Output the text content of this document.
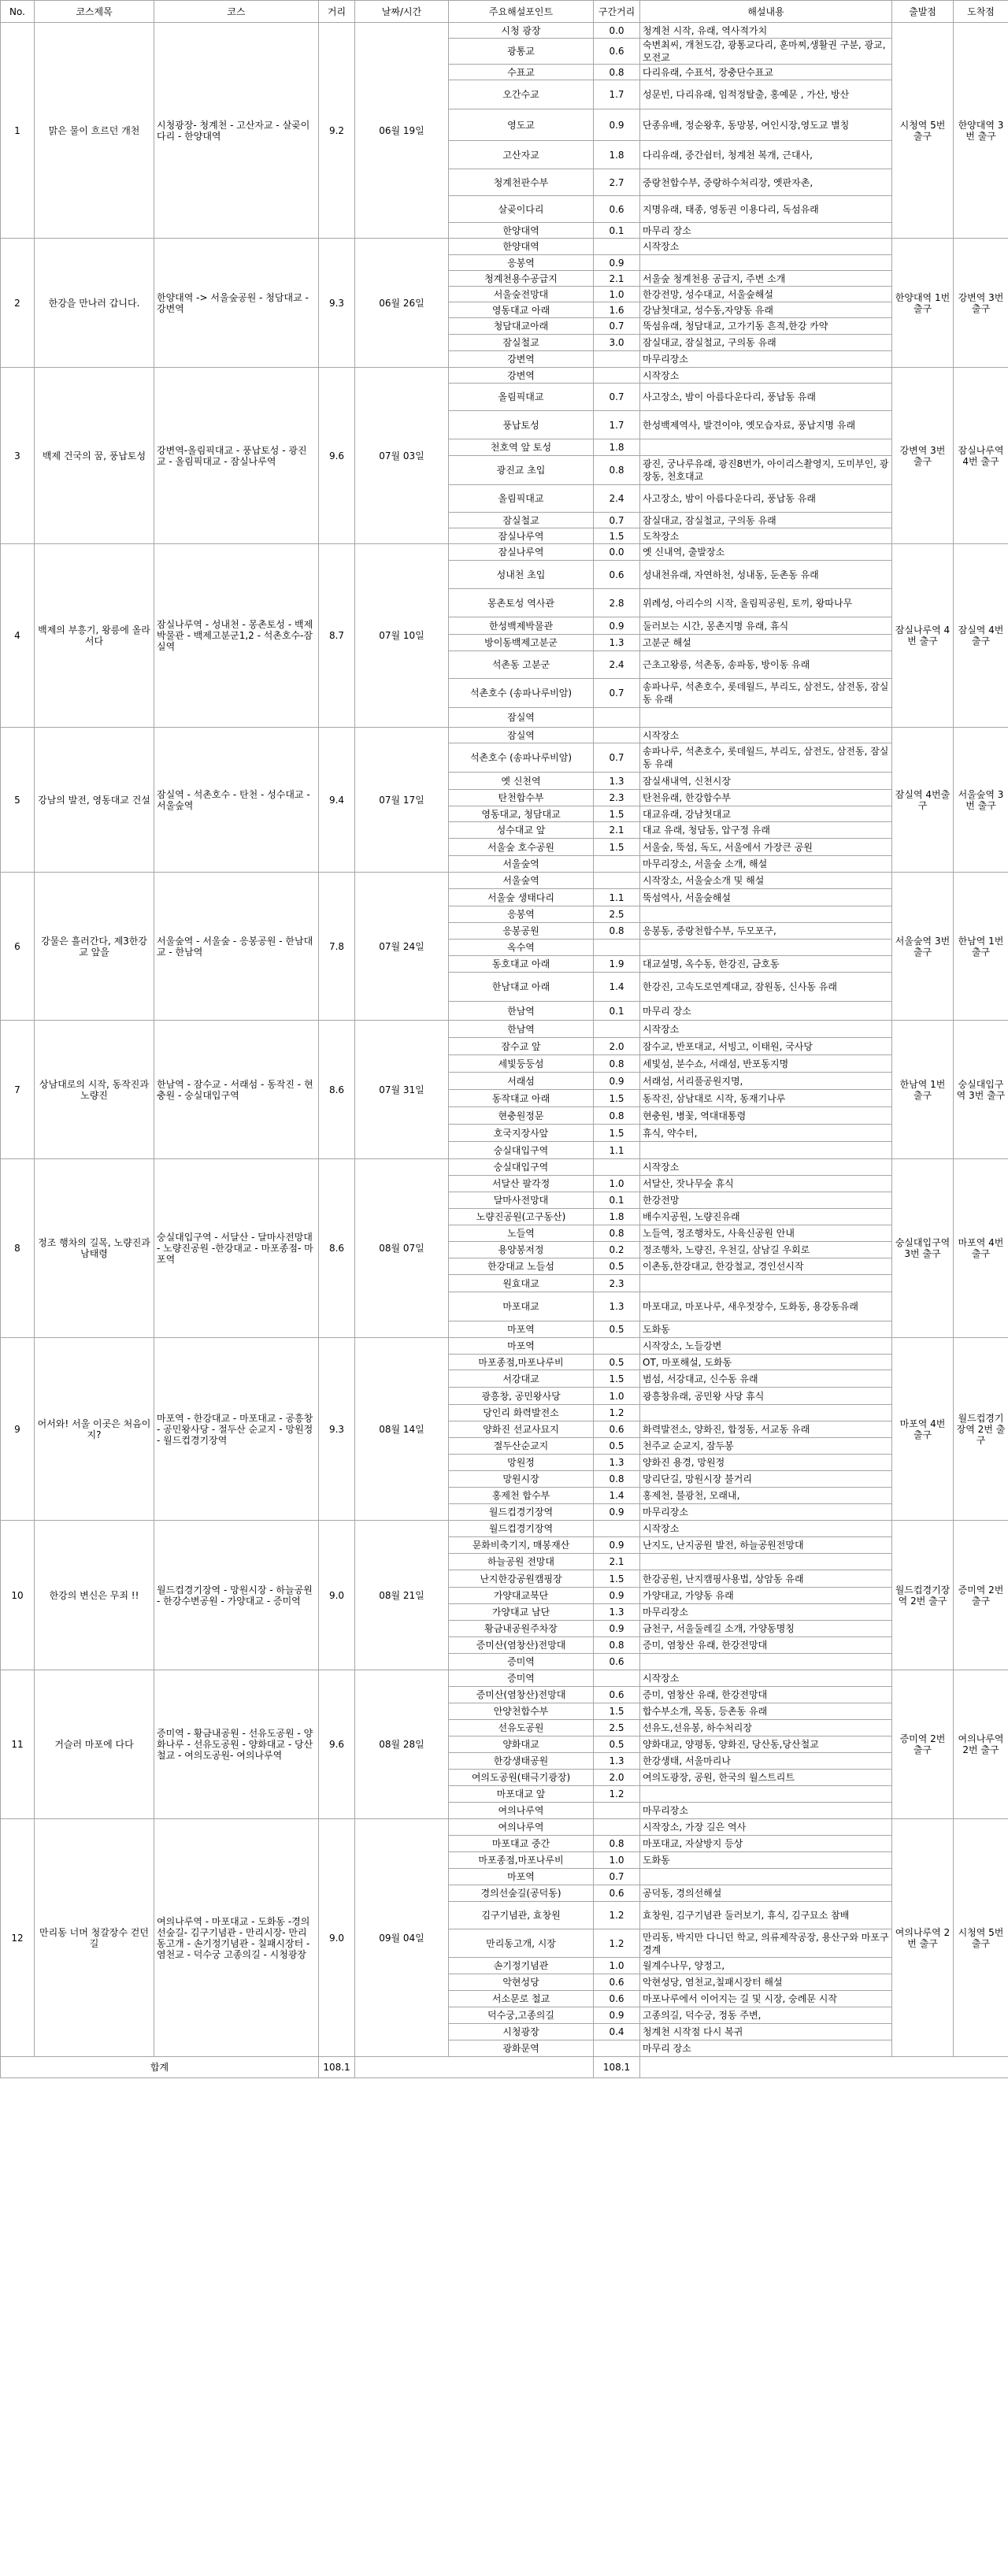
No.	코스제목	코스	거리	날짜/시간	주요해설포인트	구간거리	해설내용	출발점	도착점
1	맑은 물이 흐르던 개천	시청광장- 청계천 - 고산자교 - 살곶이다리 - 한양대역	9.2	06월 19일	시청 광장	0.0	청계천 시작, 유래, 역사적가치	시청역 5번 출구	한양대역 3번 출구
					광통교	0.6	숙변최씨, 개천도감, 광통교다리, 훈마찌,생활권 구분, 광교, 모전교		
					수표교	0.8	다리유래, 수표석, 장충단수표교		
					오간수교	1.7	성문빈, 다리유래, 임적정탈출, 홍예문 , 가산, 방산		
					영도교	0.9	단종유배, 정순왕후, 동망봉, 여인시장,영도교 별칭		
					고산자교	1.8	다리유래, 중간쉼터, 청계천 복개, 근대사,		
					청계천판수부	2.7	중랑천합수부, 중랑하수처리장, 옛판자촌,		
					살곶이다리	0.6	지명유래, 태종, 영동권 이용다리, 독섬유래		
					한양대역	0.1	마무리 장소		
2	한강을 만나러 갑니다.	한양대역 -> 서울숲공원 - 청담대교 - 강변역	9.3	06월 26일	한양대역		시작장소	한양대역 1번 출구	강변역 3번 출구
					응봉역	0.9			
					청계천용수공급지	2.1	서울숲 청계천용 공급지, 주변 소개		
					서울숲전망대	1.0	한강전망, 성수대교, 서울숲해설		
					영동대교 아래	1.6	강남첫대교, 성수동,자양동 유래		
					청담대교아래	0.7	뚝섬유래, 청담대교, 고가기동 흔적,한강 카약		
					잠실철교	3.0	잠실대교, 잠실철교, 구의동 유래		
					강변역		마무리장소		
3	백제 건국의 꿈, 풍납토성	강변역-올림픽대교 - 풍납토성 - 광진교 - 올림픽대교 - 잠실나루역	9.6	07월 03일	강변역		시작장소	강변역 3번 출구	잠실나루역 4번 출구
					올림픽대교	0.7	사고장소, 밤이 아름다운다리, 풍납동 유래		
					풍납토성	1.7	한성백제역사, 발견이야, 옛모습자료, 풍납지명 유래		
					천호역 앞 토성	1.8			
					광진교 초입	0.8	광진, 궁나루유래, 광진8번가, 아이리스촬영지, 도미부인, 광장동, 천호대교		
					올림픽대교	2.4	사고장소, 밤이 아름다운다리, 풍납동 유래		
					잠실철교	0.7	잠실대교, 잠실철교, 구의동 유래		
					잠실나루역	1.5	도착장소		
4	백제의 부흥기, 왕릉에 올라서다	잠실나루역 - 성내천 - 몽촌토성 - 백제박물관 - 백제고분군1,2 - 석촌호수-잠실역	8.7	07월 10일	잠실나루역	0.0	옛 신내역, 출발장소	잠실나루역 4번 출구	잠실역 4번출구
					성내천 초입	0.6	성내천유래, 자연하천, 성내동, 둔촌동 유래		
					몽촌토성 역사관	2.8	위례성, 아리수의 시작, 올림픽공원, 토끼, 왕따나무		
					한성백제박물관	0.9	둘러보는 시간, 몽촌지명 유래, 휴식		
					방이동백제고분군	1.3	고분군 해설		
					석촌동 고분군	2.4	근초고왕릉, 석촌동, 송파동, 방이동 유래		
					석촌호수 (송파나루비암)	0.7	송파나루, 석촌호수, 롯데월드, 부리도, 삼전도, 삼전동, 잠실동 유래		
					잠실역				
5	강남의 발전, 영동대교 건설	잠실역 - 석촌호수 - 탄천 - 성수대교 - 서울숲역	9.4	07월 17일	잠실역		시작장소	잠실역 4번출구	서울숲역 3번 출구
					석촌호수 (송파나루비암)	0.7	송파나루, 석촌호수, 롯데월드, 부리도, 삼전도, 삼전동, 잠실동 유래		
					옛 신천역	1.3	잠실새내역, 신천시장		
					탄천합수부	2.3	탄천유래, 한강합수부		
					영동대교, 청담대교	1.5	대교유래, 강남첫대교		
					성수대교 앞	2.1	대교 유래, 청담동, 압구정 유래		
					서울숲 호수공원	1.5	서울숲, 뚝섬, 독도, 서울에서 가장큰 공원		
					서울숲역		마무리장소, 서울숲 소개, 해설		
6	강물은 흘러간다, 제3한강교 앞을	서울숲역 - 서울숲 - 응봉공원 - 한남대교 - 한남역	7.8	07월 24일	서울숲역		시작장소, 서울숲소개 및 해설	서울숲역 3번 출구	한남역 1번출구
					서울숲 생태다리	1.1	뚝섬역사, 서울숲해설		
					응봉역	2.5			
					응봉공원	0.8	응봉동, 중랑천합수부, 두모포구,		
					옥수역				
					동호대교 아래	1.9	대교설명, 옥수동, 한강진, 금호동		
					한남대교 아래	1.4	한강진, 고속도로연계대교, 잠원동, 신사동 유래		
					한남역	0.1	마무리 장소		
7	상남대로의 시작, 동작진과 노량진	한남역 - 잠수교 - 서래섬 - 동작진 - 현충원 - 숭실대입구역	8.6	07월 31일	한남역		시작장소	한남역 1번 출구	숭실대입구역 3번 출구
					잠수교 앞	2.0	잠수교, 반포대교, 서빙고, 이태원, 국사당		
					세빛둥둥섬	0.8	세빛섬, 분수쇼, 서래섬, 반포동지명		
					서래섬	0.9	서래섬, 서리풀공원지명,		
					동작대교 아래	1.5	동작진, 삼남대로 시작, 동재기나루		
					현충원정문	0.8	현충원, 병꽃, 역대대통령		
					호국지장사앞	1.5	휴식, 약수터,		
					숭실대입구역	1.1			
8	정조 행차의 길목, 노량진과 남태령	숭실대입구역 - 서달산 - 달마사전망대 - 노량진공원 -한강대교 - 마포종점- 마포역	8.6	08월 07일	숭실대입구역		시작장소	숭실대입구역 3번 출구	마포역 4번 출구
					서달산 팔각정	1.0	서달산, 잣나무숲 휴식		
					달마사전망대	0.1	한강전망		
					노량진공원(고구동산)	1.8	배수지공원, 노량진유래		
					노들역	0.8	노들역, 정조행차도, 사육신공원 안내		
					용양봉저정	0.2	정조행차, 노량진, 우천길, 삼남길 우회로		
					한강대교 노들섬	0.5	이촌동,한강대교, 한강철교, 경인선시작		
					원효대교	2.3			
					마포대교	1.3	마포대교, 마포나루, 새우젓장수, 도화동, 용강동유래		
					마포역	0.5	도화동		
9	어서와! 서울 이곳은 처음이지?	마포역 - 한강대교 - 마포대교 - 공흥창 - 공민왕사당 - 절두산 순교지 - 망원정 - 월드컵경기장역	9.3	08월 14일	마포역		시작장소, 노들강변	마포역 4번 출구	월드컵경기장역 2번 출구
					마포종점,마포나루비	0.5	OT, 마포해설, 도화동		
					서강대교	1.5	범섬, 서강대교, 신수동 유래		
					광흥창, 공민왕사당	1.0	광흥창유래, 공민왕 사당 휴식		
					당인리 화력발전소	1.2			
					양화진 선교사묘지	0.6	화력발전소, 양화진, 합정동, 서교동 유래		
					절두산순교지	0.5	천주교 순교지, 잠두봉		
					망원정	1.3	양화진 용경, 망원정		
					망원시장	0.8	망리단길, 망원시장 불거리		
					홍제천 합수부	1.4	홍제천, 불광천, 모래내,		
					월드컵경기장역	0.9	마무리장소		
10	한강의 변신은 무죄 !!	월드컵경기장역 - 망원시장 - 하늘공원 - 한강수변공원 - 가양대교 - 증미역	9.0	08월 21일	월드컵경기장역		시작장소	월드컵경기장역 2번 출구	증미역 2번 출구
					문화비축기지, 매봉재산	0.9	난지도, 난지공원 발전, 하늘공원전망대		
					하늘공원 전망대	2.1			
					난지한강공원캠핑장	1.5	한강공원, 난지캠핑사용법, 상암동 유래		
					가양대교북단	0.9	가양대교, 가양동 유래		
					가양대교 남단	1.3	마무리장소		
					황금내공원주차장	0.9	금천구, 서울둘레길 소개, 가양동명칭		
					증미산(염창산)전망대	0.8	증미, 염창산 유래, 한강전망대		
					증미역	0.6			
11	거슬러 마포에 다다	증미역 - 황금내공원 - 선유도공원 - 양화나루 - 선유도공원 - 양화대교 - 당산철교 - 여의도공원- 여의나루역	9.6	08월 28일	증미역		시작장소	증미역 2번 출구	여의나루역 2번 출구
					증미산(염창산)전망대	0.6	증미, 염창산 유래, 한강전망대		
					안양천합수부	1.5	합수부소개, 목동, 등촌동 유래		
					선유도공원	2.5	선유도,선유봉, 하수처리장		
					양화대교	0.5	양화대교, 양평동, 양화진, 당산동,당산철교		
					한강생태공원	1.3	한강생태, 서울마리나		
					여의도공원(태극기광장)	2.0	여의도광장, 공원, 한국의 월스트리트		
					마포대교 앞	1.2			
					여의나루역		마무리장소		
12	만리동 너머 청갈장수 걷던 길	여의나루역 - 마포대교 - 도화동 -경의선숲길- 김구기념관 - 만리시장- 만리동고개 - 손기정기념관 - 칠패시장터 - 염천교 - 덕수궁 고종의길 - 시청광장	9.0	09월 04일	여의나루역		시작장소, 가장 길은 역사	여의나루역 2번 출구	시청역 5번 출구
					마포대교 중간	0.8	마포대교, 자살방지 등상		
					마포종점,마포나루비	1.0	도화동		
					마포역	0.7			
					경의선숲길(공덕동)	0.6	공덕동, 경의선해설		
					김구기념관, 효창원	1.2	효창원, 김구기념관 둘러보기, 휴식, 김구묘소 참배		
					만리동고개, 시장	1.2	만리동, 박지만 다니던 학교, 의류제작공장, 용산구와 마포구 경계		
					손기정기념관	1.0	월계수나무, 양정고,		
					악현성당	0.6	악현성당, 염천교,칠패시장터 해설		
					서소문로 철교	0.6	마포나루에서 이어지는 길 및 시장, 숭례문 시작		
					덕수궁,고종의길	0.9	고종의길, 덕수궁, 정동 주변,		
					시청광장	0.4	청계천 시작점 다시 복귀		
					광화문역		마무리 장소		
합계			108.1			108.1			
